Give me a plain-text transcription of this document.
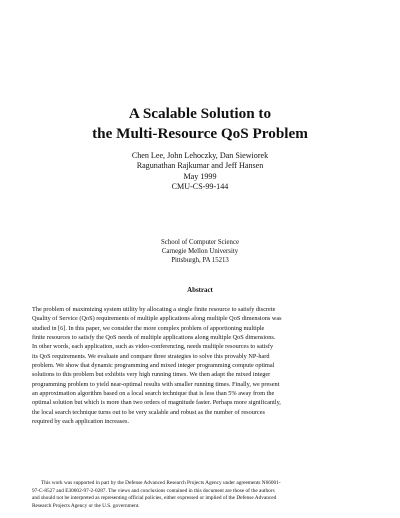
A Scalable Solution to
the Multi-Resource QoS Problem
Chen Lee, John Lehoczky, Dan Siewiorek
Ragunathan Rajkumar and Jeff Hansen
May 1999
CMU-CS-99-144
School of Computer Science
Carnegie Mellon University
Pittsburgh, PA 15213
Abstract
The problem of maximizing system utility by allocating a single finite resource to satisfy discrete
Quality of Service (QoS) requirements of multiple applications along multiple QoS dimensions was
studied in [6]. In this paper, we consider the more complex problem of apportioning multiple
finite resources to satisfy the QoS needs of multiple applications along multiple QoS dimensions.
In other words, each application, such as video-conferencing, needs multiple resources to satisfy
its QoS requirements. We evaluate and compare three strategies to solve this provably NP-hard
problem. We show that dynamic programming and mixed integer programming compute optimal
solutions to this problem but exhibits very high running times. We then adapt the mixed integer
programming problem to yield near-optimal results with smaller running times. Finally, we present
an approximation algorithm based on a local search technique that is less than 5% away from the
optimal solution but which is more than two orders of magnitude faster. Perhaps more significantly,
the local search technique turns out to be very scalable and robust as the number of resources
required by each application increases.
This work was supported in part by the Defense Advanced Research Projects Agency under agreements N66001-
97-C-8527 and E30602-97-2-0287. The views and conclusions contained in this document are those of the authors
and should not be interpreted as representing official policies, either expressed or implied of the Defense Advanced
Research Projects Agency or the U.S. government.
